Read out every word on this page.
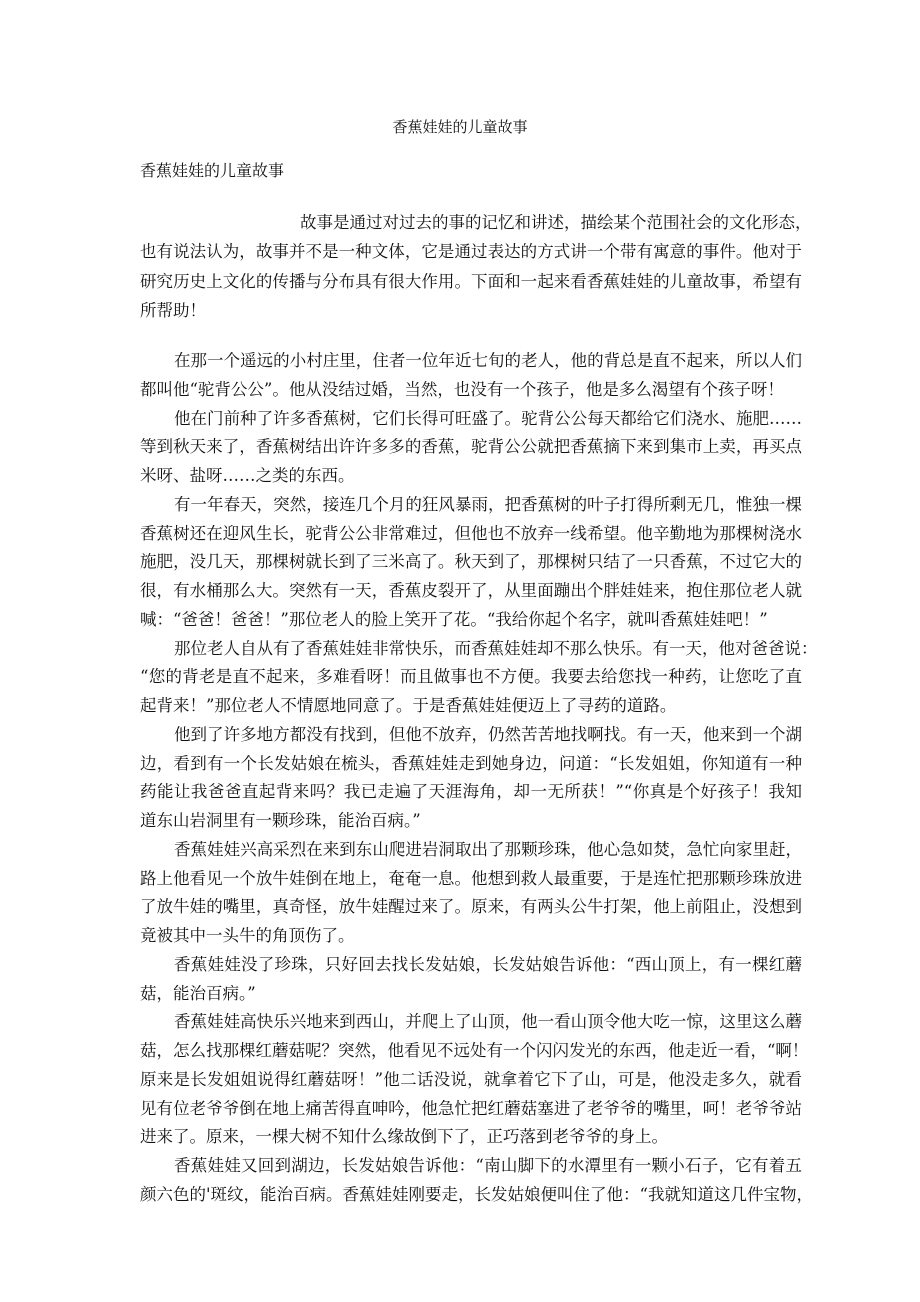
香蕉娃娃的儿童故事
香蕉娃娃的儿童故事
故事是通过对过去的事的记忆和讲述，描绘某个范围社会的文化形态，
也有说法认为，故事并不是一种文体，它是通过表达的方式讲一个带有寓意的事件。他对于
研究历史上文化的传播与分布具有很大作用。下面和一起来看香蕉娃娃的儿童故事，希望有
所帮助！
在那一个遥远的小村庄里，住者一位年近七旬的老人，他的背总是直不起来，所以人们
都叫他“驼背公公”。他从没结过婚，当然，也没有一个孩子，他是多么渴望有个孩子呀！
他在门前种了许多香蕉树，它们长得可旺盛了。驼背公公每天都给它们浇水、施肥……
等到秋天来了，香蕉树结出许许多多的香蕉，驼背公公就把香蕉摘下来到集市上卖，再买点
米呀、盐呀……之类的东西。
有一年春天，突然，接连几个月的狂风暴雨，把香蕉树的叶子打得所剩无几，惟独一棵
香蕉树还在迎风生长，驼背公公非常难过，但他也不放弃一线希望。他辛勤地为那棵树浇水
施肥，没几天，那棵树就长到了三米高了。秋天到了，那棵树只结了一只香蕉，不过它大的
很，有水桶那么大。突然有一天，香蕉皮裂开了，从里面蹦出个胖娃娃来，抱住那位老人就
喊：“爸爸！爸爸！”那位老人的脸上笑开了花。“我给你起个名字，就叫香蕉娃娃吧！”
那位老人自从有了香蕉娃娃非常快乐，而香蕉娃娃却不那么快乐。有一天，他对爸爸说：
“您的背老是直不起来，多难看呀！而且做事也不方便。我要去给您找一种药，让您吃了直
起背来！”那位老人不情愿地同意了。于是香蕉娃娃便迈上了寻药的道路。
他到了许多地方都没有找到，但他不放弃，仍然苦苦地找啊找。有一天，他来到一个湖
边，看到有一个长发姑娘在梳头，香蕉娃娃走到她身边，问道：“长发姐姐，你知道有一种
药能让我爸爸直起背来吗？我已走遍了天涯海角，却一无所获！”“你真是个好孩子！我知
道东山岩洞里有一颗珍珠，能治百病。”
香蕉娃娃兴高采烈在来到东山爬进岩洞取出了那颗珍珠，他心急如焚，急忙向家里赶，
路上他看见一个放牛娃倒在地上，奄奄一息。他想到救人最重要，于是连忙把那颗珍珠放进
了放牛娃的嘴里，真奇怪，放牛娃醒过来了。原来，有两头公牛打架，他上前阻止，没想到
竟被其中一头牛的角顶伤了。
香蕉娃娃没了珍珠，只好回去找长发姑娘，长发姑娘告诉他：“西山顶上，有一棵红蘑
菇，能治百病。”
香蕉娃娃高快乐兴地来到西山，并爬上了山顶，他一看山顶令他大吃一惊，这里这么蘑
菇，怎么找那棵红蘑菇呢？突然，他看见不远处有一个闪闪发光的东西，他走近一看，“啊！
原来是长发姐姐说得红蘑菇呀！”他二话没说，就拿着它下了山，可是，他没走多久，就看
见有位老爷爷倒在地上痛苦得直呻吟，他急忙把红蘑菇塞进了老爷爷的嘴里，呵！老爷爷站
进来了。原来，一棵大树不知什么缘故倒下了，正巧落到老爷爷的身上。
香蕉娃娃又回到湖边，长发姑娘告诉他：“南山脚下的水潭里有一颗小石子，它有着五
颜六色的'斑纹，能治百病。香蕉娃娃刚要走，长发姑娘便叫住了他：“我就知道这几件宝物，
